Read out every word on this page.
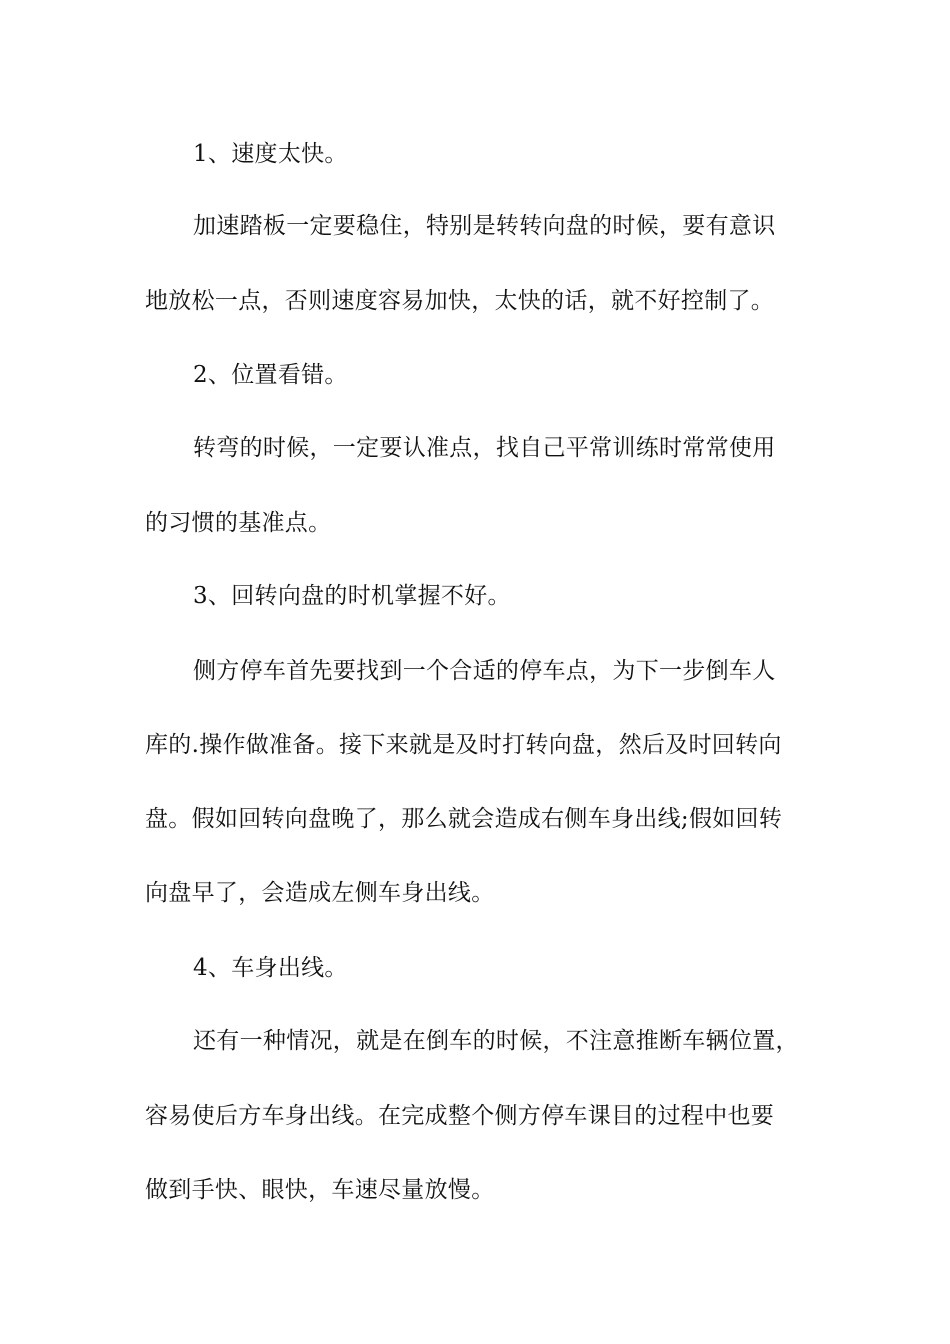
1、速度太快。
加速踏板一定要稳住，特别是转转向盘的时候，要有意识
地放松一点，否则速度容易加快，太快的话，就不好控制了。
2、位置看错。
转弯的时候，一定要认准点，找自己平常训练时常常使用
的习惯的基准点。
3、回转向盘的时机掌握不好。
侧方停车首先要找到一个合适的停车点，为下一步倒车人
库的.操作做准备。接下来就是及时打转向盘，然后及时回转向
盘。假如回转向盘晚了，那么就会造成右侧车身出线;假如回转
向盘早了，会造成左侧车身出线。
4、车身出线。
还有一种情况，就是在倒车的时候，不注意推断车辆位置，
容易使后方车身出线。在完成整个侧方停车课目的过程中也要
做到手快、眼快，车速尽量放慢。
